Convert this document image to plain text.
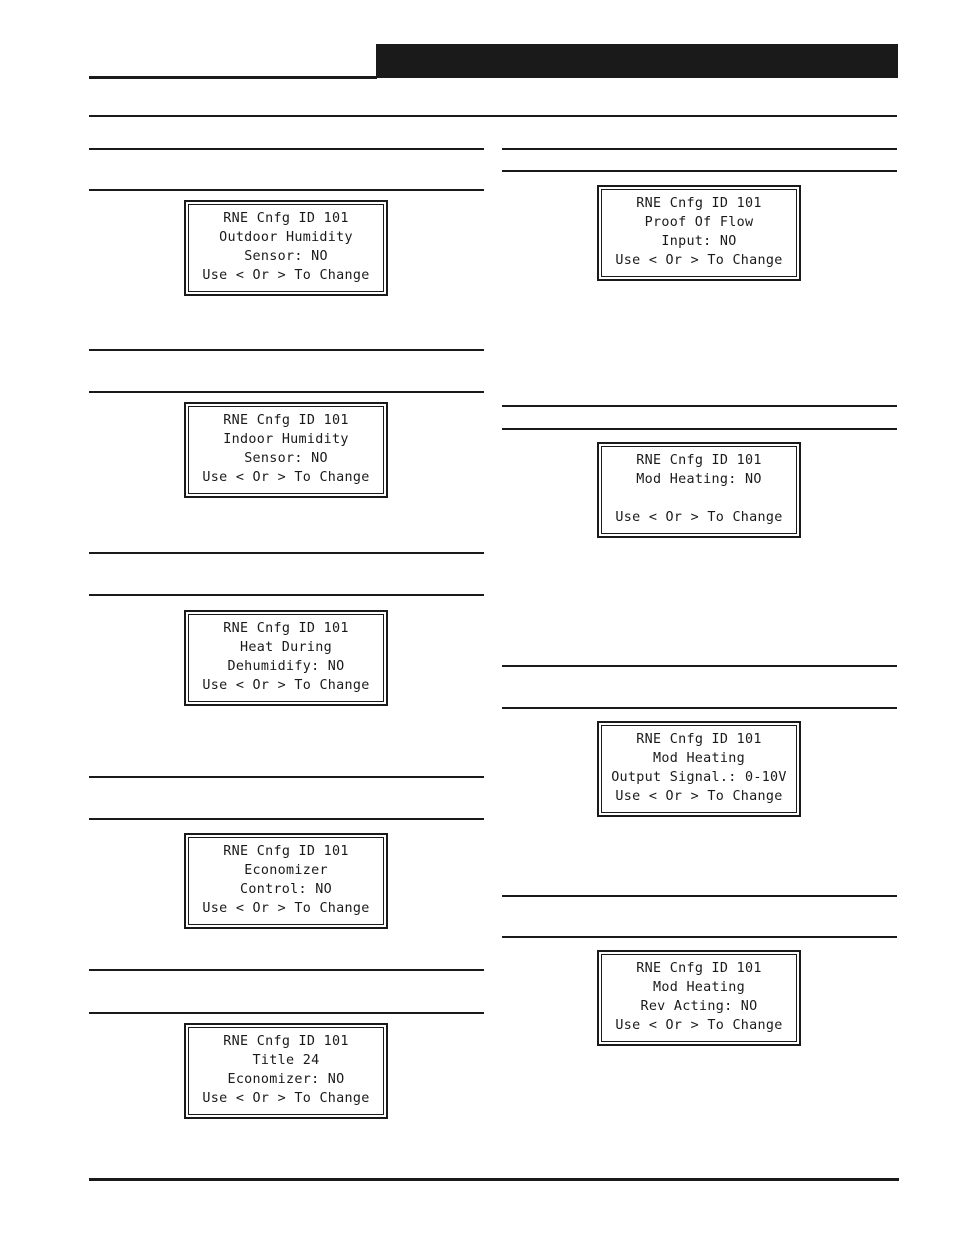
RNE Cnfg ID 101
Outdoor Humidity
Sensor: NO
Use < Or > To Change
RNE Cnfg ID 101
Indoor Humidity
Sensor: NO
Use < Or > To Change
RNE Cnfg ID 101
Heat During
Dehumidify: NO
Use < Or > To Change
RNE Cnfg ID 101
Economizer
Control: NO
Use < Or > To Change
RNE Cnfg ID 101
Title 24
Economizer: NO
Use < Or > To Change
RNE Cnfg ID 101
Proof Of Flow
Input: NO
Use < Or > To Change
RNE Cnfg ID 101
Mod Heating: NO
Use < Or > To Change
RNE Cnfg ID 101
Mod Heating
Output Signal.: 0-10V
Use < Or > To Change
RNE Cnfg ID 101
Mod Heating
Rev Acting: NO
Use < Or > To Change
